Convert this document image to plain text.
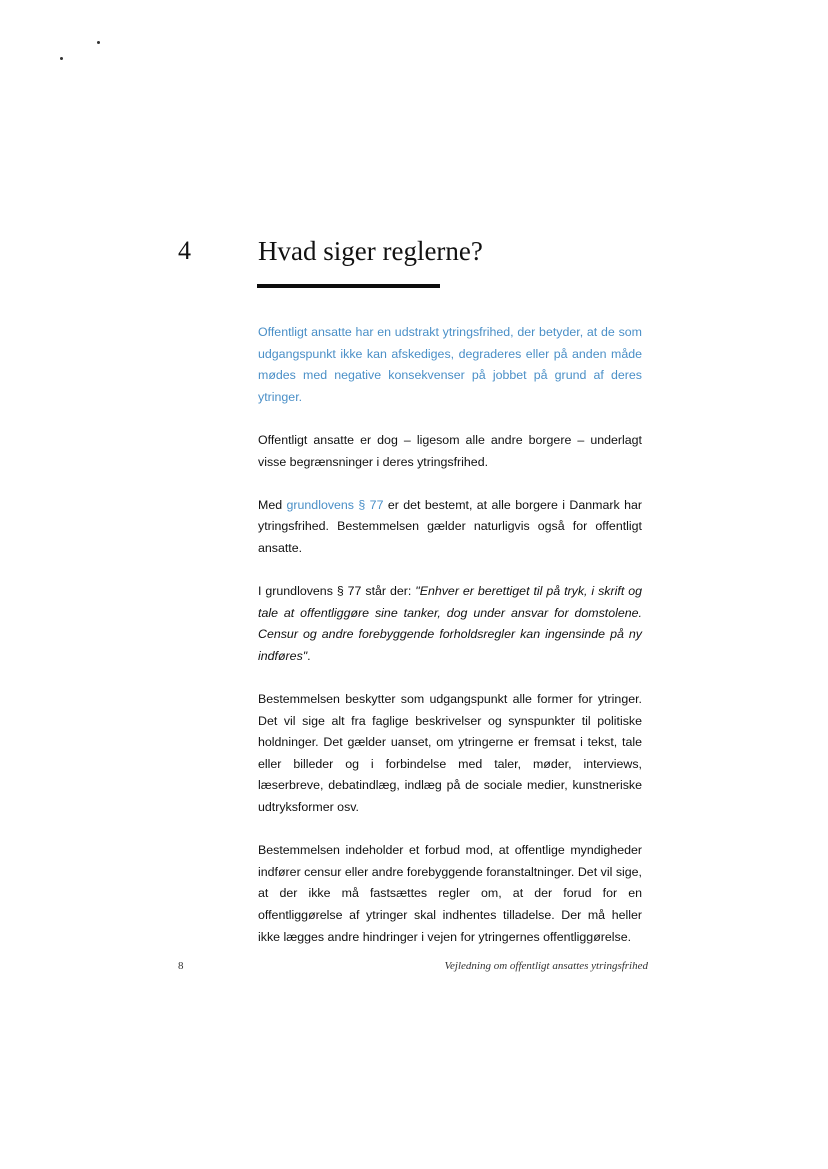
4 Hvad siger reglerne?

Offentligt ansatte har en udstrakt ytringsfrihed, der betyder, at de som udgangspunkt ikke kan afskediges, degraderes eller på anden måde mødes med negative konsekvenser på jobbet på grund af deres ytringer.

Offentligt ansatte er dog – ligesom alle andre borgere – underlagt visse begrænsninger i deres ytringsfrihed.

Med grundlovens § 77 er det bestemt, at alle borgere i Danmark har ytringsfrihed. Bestemmelsen gælder naturligvis også for offentligt ansatte.

I grundlovens § 77 står der: "Enhver er berettiget til på tryk, i skrift og tale at offentliggøre sine tanker, dog under ansvar for domstolene. Censur og andre forebyggende forholdsregler kan ingensinde på ny indføres".

Bestemmelsen beskytter som udgangspunkt alle former for ytringer. Det vil sige alt fra faglige beskrivelser og synspunkter til politiske holdninger. Det gælder uanset, om ytringerne er fremsat i tekst, tale eller billeder og i forbindelse med taler, møder, interviews, læserbreve, debatindlæg, indlæg på de sociale medier, kunstneriske udtryksformer osv.

Bestemmelsen indeholder et forbud mod, at offentlige myndigheder indfører censur eller andre forebyggende foranstaltninger. Det vil sige, at der ikke må fastsættes regler om, at der forud for en offentliggørelse af ytringer skal indhentes tilladelse. Der må heller ikke lægges andre hindringer i vejen for ytringernes offentliggørelse.

8	Vejledning om offentligt ansattes ytringsfrihed
